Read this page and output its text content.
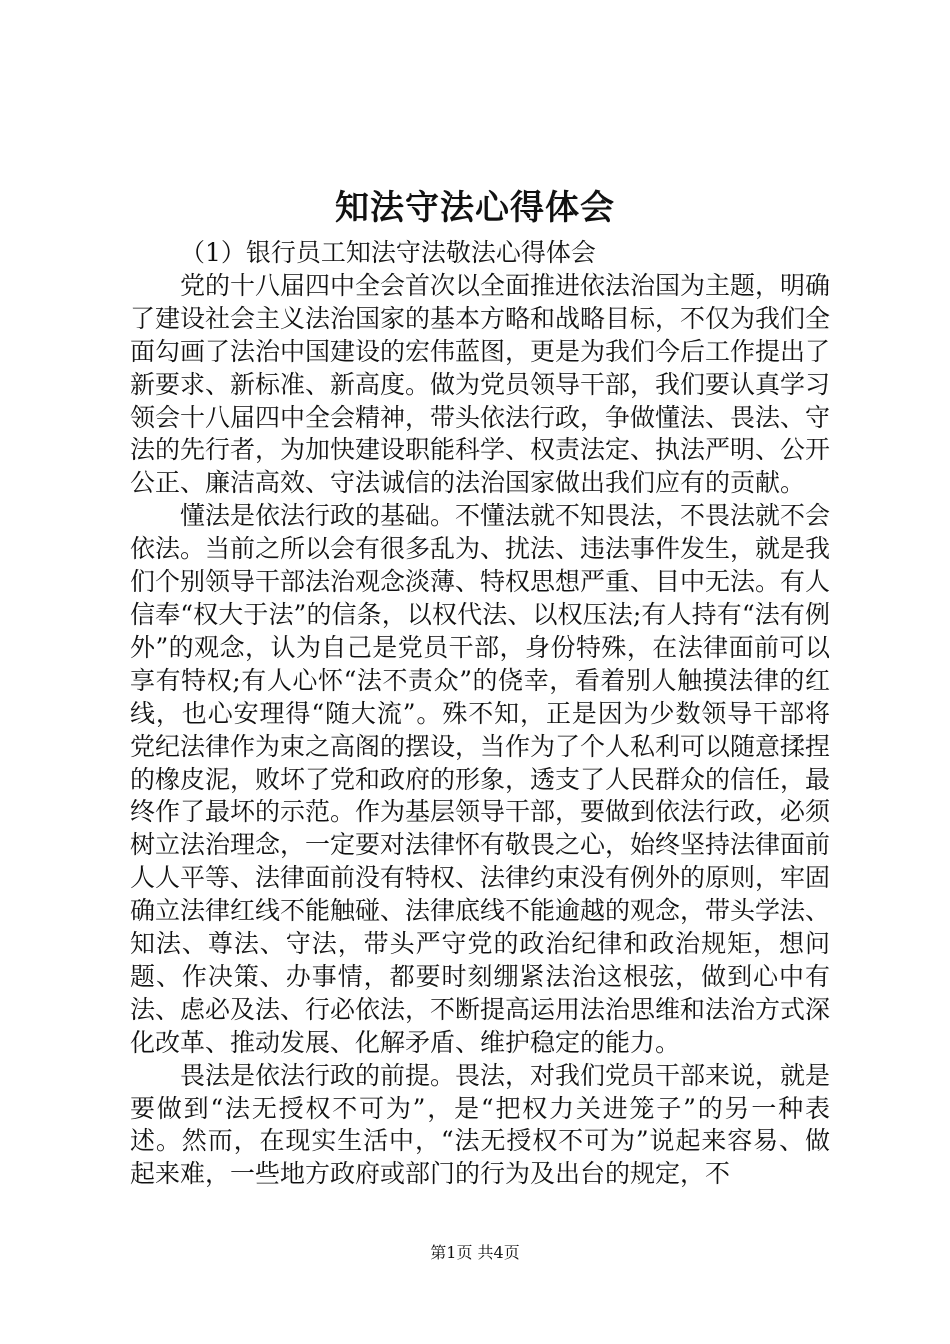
知法守法心得体会

（1）银行员工知法守法敬法心得体会

党的十八届四中全会首次以全面推进依法治国为主题，明确了建设社会主义法治国家的基本方略和战略目标，不仅为我们全面勾画了法治中国建设的宏伟蓝图，更是为我们今后工作提出了新要求、新标准、新高度。做为党员领导干部，我们要认真学习领会十八届四中全会精神，带头依法行政，争做懂法、畏法、守法的先行者，为加快建设职能科学、权责法定、执法严明、公开公正、廉洁高效、守法诚信的法治国家做出我们应有的贡献。

懂法是依法行政的基础。不懂法就不知畏法，不畏法就不会依法。当前之所以会有很多乱为、扰法、违法事件发生，就是我们个别领导干部法治观念淡薄、特权思想严重、目中无法。有人信奉“权大于法”的信条，以权代法、以权压法;有人持有“法有例外”的观念，认为自己是党员干部，身份特殊，在法律面前可以享有特权;有人心怀“法不责众”的侥幸，看着别人触摸法律的红线，也心安理得“随大流”。殊不知，正是因为少数领导干部将党纪法律作为束之高阁的摆设，当作为了个人私利可以随意揉捏的橡皮泥，败坏了党和政府的形象，透支了人民群众的信任，最终作了最坏的示范。作为基层领导干部，要做到依法行政，必须树立法治理念，一定要对法律怀有敬畏之心，始终坚持法律面前人人平等、法律面前没有特权、法律约束没有例外的原则，牢固确立法律红线不能触碰、法律底线不能逾越的观念，带头学法、知法、尊法、守法，带头严守党的政治纪律和政治规矩，想问题、作决策、办事情，都要时刻绷紧法治这根弦，做到心中有法、虑必及法、行必依法，不断提高运用法治思维和法治方式深化改革、推动发展、化解矛盾、维护稳定的能力。

畏法是依法行政的前提。畏法，对我们党员干部来说，就是要做到“法无授权不可为”，是“把权力关进笼子”的另一种表述。然而，在现实生活中，“法无授权不可为”说起来容易、做起来难，一些地方政府或部门的行为及出台的规定，不

第1页 共4页
